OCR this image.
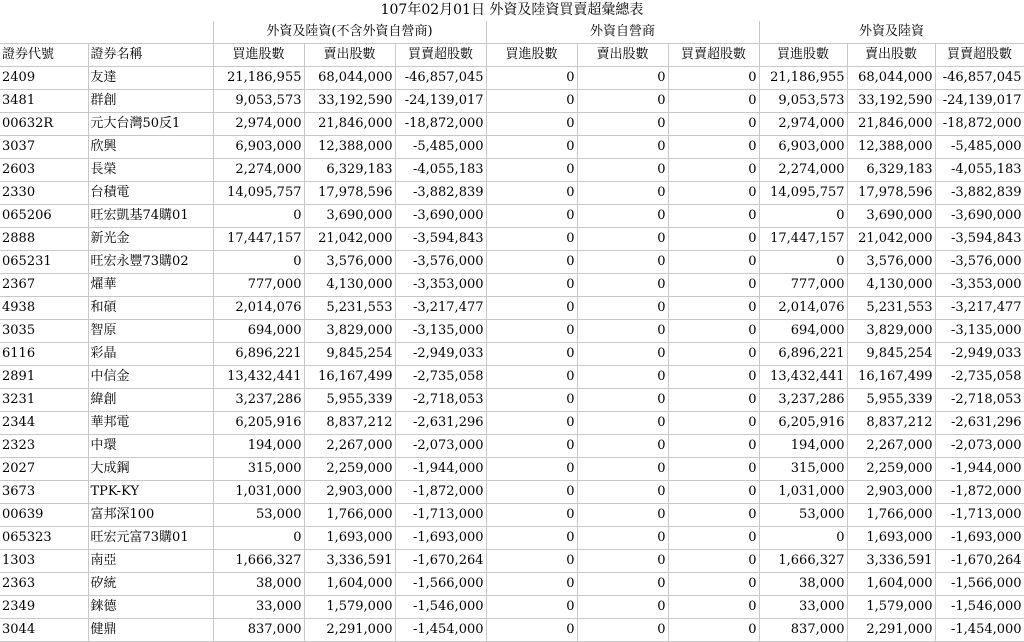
107年02月01日 外資及陸資買賣超彙總表
		外資及陸資(不含外資自營商)			外資自營商			外資及陸資		
證券代號	證券名稱	買進股數	賣出股數	買賣超股數	買進股數	賣出股數	買賣超股數	買進股數	賣出股數	買賣超股數
2409	友達	21,186,955	68,044,000	-46,857,045	0	0	0	21,186,955	68,044,000	-46,857,045
3481	群創	9,053,573	33,192,590	-24,139,017	0	0	0	9,053,573	33,192,590	-24,139,017
00632R	元大台灣50反1	2,974,000	21,846,000	-18,872,000	0	0	0	2,974,000	21,846,000	-18,872,000
3037	欣興	6,903,000	12,388,000	-5,485,000	0	0	0	6,903,000	12,388,000	-5,485,000
2603	長榮	2,274,000	6,329,183	-4,055,183	0	0	0	2,274,000	6,329,183	-4,055,183
2330	台積電	14,095,757	17,978,596	-3,882,839	0	0	0	14,095,757	17,978,596	-3,882,839
065206	旺宏凱基74購01	0	3,690,000	-3,690,000	0	0	0	0	3,690,000	-3,690,000
2888	新光金	17,447,157	21,042,000	-3,594,843	0	0	0	17,447,157	21,042,000	-3,594,843
065231	旺宏永豐73購02	0	3,576,000	-3,576,000	0	0	0	0	3,576,000	-3,576,000
2367	燿華	777,000	4,130,000	-3,353,000	0	0	0	777,000	4,130,000	-3,353,000
4938	和碩	2,014,076	5,231,553	-3,217,477	0	0	0	2,014,076	5,231,553	-3,217,477
3035	智原	694,000	3,829,000	-3,135,000	0	0	0	694,000	3,829,000	-3,135,000
6116	彩晶	6,896,221	9,845,254	-2,949,033	0	0	0	6,896,221	9,845,254	-2,949,033
2891	中信金	13,432,441	16,167,499	-2,735,058	0	0	0	13,432,441	16,167,499	-2,735,058
3231	緯創	3,237,286	5,955,339	-2,718,053	0	0	0	3,237,286	5,955,339	-2,718,053
2344	華邦電	6,205,916	8,837,212	-2,631,296	0	0	0	6,205,916	8,837,212	-2,631,296
2323	中環	194,000	2,267,000	-2,073,000	0	0	0	194,000	2,267,000	-2,073,000
2027	大成鋼	315,000	2,259,000	-1,944,000	0	0	0	315,000	2,259,000	-1,944,000
3673	TPK-KY	1,031,000	2,903,000	-1,872,000	0	0	0	1,031,000	2,903,000	-1,872,000
00639	富邦深100	53,000	1,766,000	-1,713,000	0	0	0	53,000	1,766,000	-1,713,000
065323	旺宏元富73購01	0	1,693,000	-1,693,000	0	0	0	0	1,693,000	-1,693,000
1303	南亞	1,666,327	3,336,591	-1,670,264	0	0	0	1,666,327	3,336,591	-1,670,264
2363	矽統	38,000	1,604,000	-1,566,000	0	0	0	38,000	1,604,000	-1,566,000
2349	錸德	33,000	1,579,000	-1,546,000	0	0	0	33,000	1,579,000	-1,546,000
3044	健鼎	837,000	2,291,000	-1,454,000	0	0	0	837,000	2,291,000	-1,454,000
